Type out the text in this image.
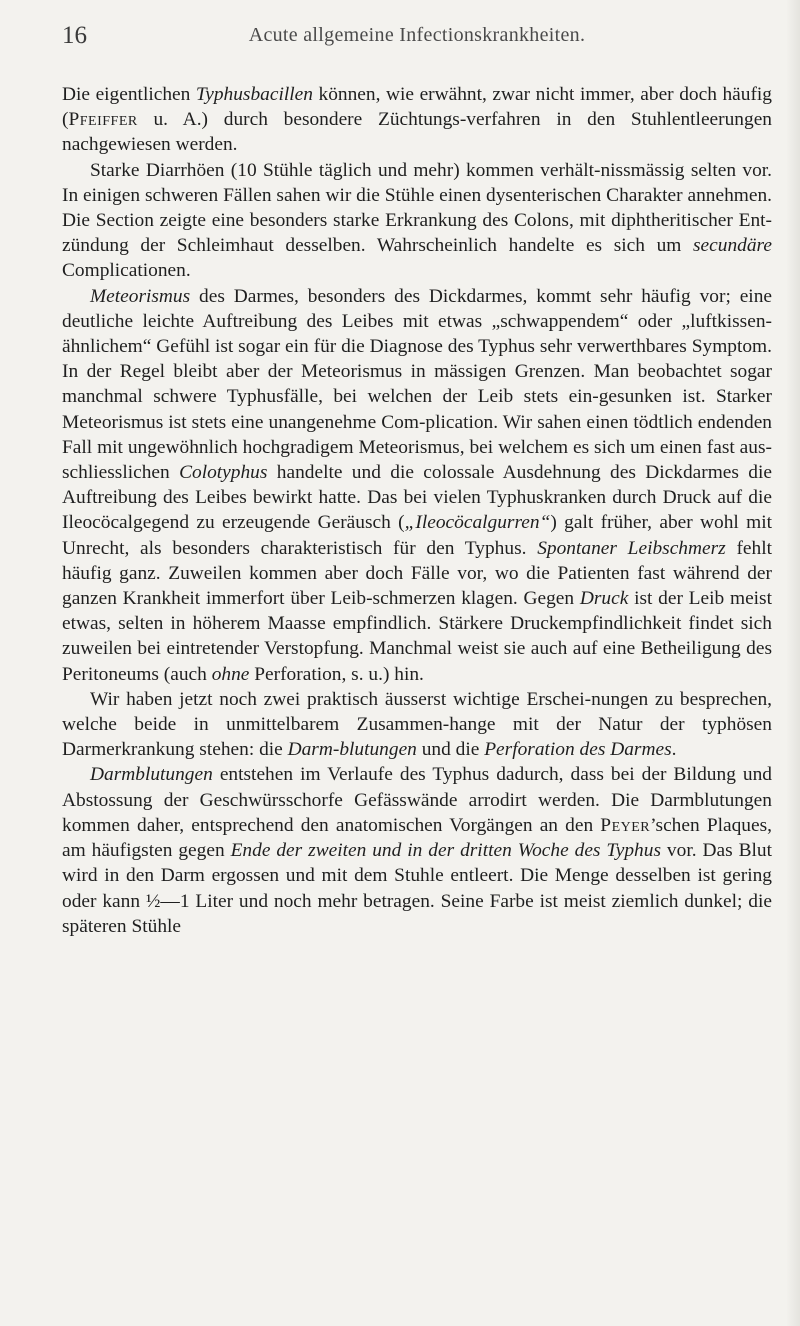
16	Acute allgemeine Infectionskrankheiten.

Die eigentlichen Typhusbacillen können, wie erwähnt, zwar nicht immer, aber doch häufig (Pfeiffer u. A.) durch besondere Züchtungs-verfahren in den Stuhlentleerungen nachgewiesen werden.

Starke Diarrhöen (10 Stühle täglich und mehr) kommen verhält-nissmässig selten vor. In einigen schweren Fällen sahen wir die Stühle einen dysenterischen Charakter annehmen. Die Section zeigte eine besonders starke Erkrankung des Colons, mit diphtheritischer Ent-zündung der Schleimhaut desselben. Wahrscheinlich handelte es sich um secundäre Complicationen.

Meteorismus des Darmes, besonders des Dickdarmes, kommt sehr häufig vor; eine deutliche leichte Auftreibung des Leibes mit etwas „schwappendem“ oder „luftkissen-ähnlichem“ Gefühl ist sogar ein für die Diagnose des Typhus sehr verwerthbares Symptom. In der Regel bleibt aber der Meteorismus in mässigen Grenzen. Man beobachtet sogar manchmal schwere Typhusfälle, bei welchen der Leib stets ein-gesunken ist. Starker Meteorismus ist stets eine unangenehme Com-plication. Wir sahen einen tödtlich endenden Fall mit ungewöhnlich hochgradigem Meteorismus, bei welchem es sich um einen fast aus-schliesslichen Colotyphus handelte und die colossale Ausdehnung des Dickdarmes die Auftreibung des Leibes bewirkt hatte. Das bei vielen Typhuskranken durch Druck auf die Ileocöcalgegend zu erzeugende Geräusch („Ileocöcalgurren“) galt früher, aber wohl mit Unrecht, als besonders charakteristisch für den Typhus. Spontaner Leibschmerz fehlt häufig ganz. Zuweilen kommen aber doch Fälle vor, wo die Patienten fast während der ganzen Krankheit immerfort über Leib-schmerzen klagen. Gegen Druck ist der Leib meist etwas, selten in höherem Maasse empfindlich. Stärkere Druckempfindlichkeit findet sich zuweilen bei eintretender Verstopfung. Manchmal weist sie auch auf eine Betheiligung des Peritoneums (auch ohne Perforation, s. u.) hin.

Wir haben jetzt noch zwei praktisch äusserst wichtige Erschei-nungen zu besprechen, welche beide in unmittelbarem Zusammen-hange mit der Natur der typhösen Darmerkrankung stehen: die Darm-blutungen und die Perforation des Darmes.

Darmblutungen entstehen im Verlaufe des Typhus dadurch, dass bei der Bildung und Abstossung der Geschwürsschorfe Gefässwände arrodirt werden. Die Darmblutungen kommen daher, entsprechend den anatomischen Vorgängen an den Peyer’schen Plaques, am häufigsten gegen Ende der zweiten und in der dritten Woche des Typhus vor. Das Blut wird in den Darm ergossen und mit dem Stuhle entleert. Die Menge desselben ist gering oder kann ½—1 Liter und noch mehr betragen. Seine Farbe ist meist ziemlich dunkel; die späteren Stühle
